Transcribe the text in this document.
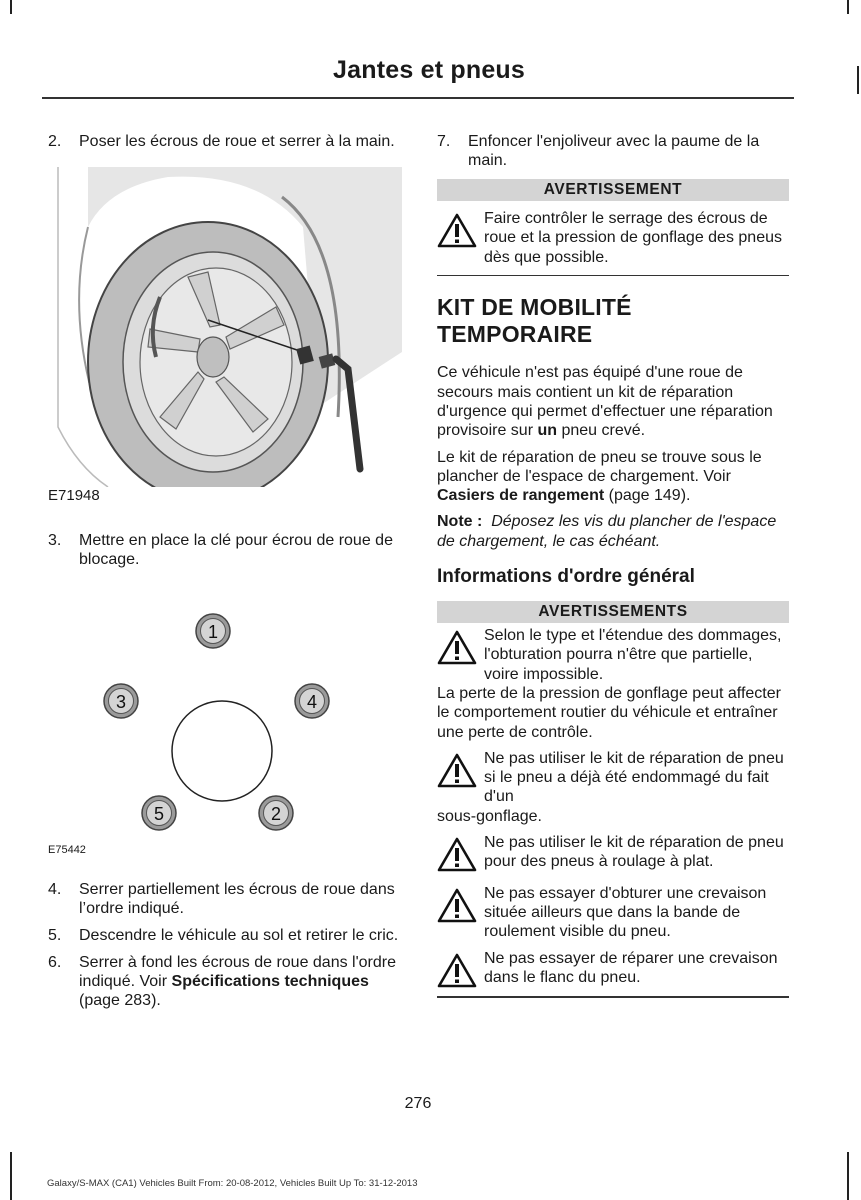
Jantes et pneus
2.	Poser les écrous de roue et serrer à la main.
E71948
3.	Mettre en place la clé pour écrou de roue de blocage.
1
3	4
5	2
E75442
4.	Serrer partiellement les écrous de roue dans l’ordre indiqué.
5.	Descendre le véhicule au sol et retirer le cric.
6.	Serrer à fond les écrous de roue dans l'ordre indiqué. Voir Spécifications techniques (page 283).
7.	Enfoncer l'enjoliveur avec la paume de la main.
AVERTISSEMENT
Faire contrôler le serrage des écrous de roue et la pression de gonflage des pneus dès que possible.
KIT DE MOBILITÉ TEMPORAIRE
Ce véhicule n'est pas équipé d'une roue de secours mais contient un kit de réparation d'urgence qui permet d'effectuer une réparation provisoire sur un pneu crevé.
Le kit de réparation de pneu se trouve sous le plancher de l'espace de chargement. Voir Casiers de rangement (page 149).
Note : Déposez les vis du plancher de l'espace de chargement, le cas échéant.
Informations d'ordre général
AVERTISSEMENTS
Selon le type et l'étendue des dommages, l'obturation pourra n'être que partielle, voire impossible.
La perte de la pression de gonflage peut affecter le comportement routier du véhicule et entraîner une perte de contrôle.
Ne pas utiliser le kit de réparation de pneu si le pneu a déjà été endommagé du fait d'un
sous-gonflage.
Ne pas utiliser le kit de réparation de pneu pour des pneus à roulage à plat.
Ne pas essayer d'obturer une crevaison située ailleurs que dans la bande de roulement visible du pneu.
Ne pas essayer de réparer une crevaison dans le flanc du pneu.
276
Galaxy/S-MAX (CA1) Vehicles Built From: 20-08-2012, Vehicles Built Up To: 31-12-2013
